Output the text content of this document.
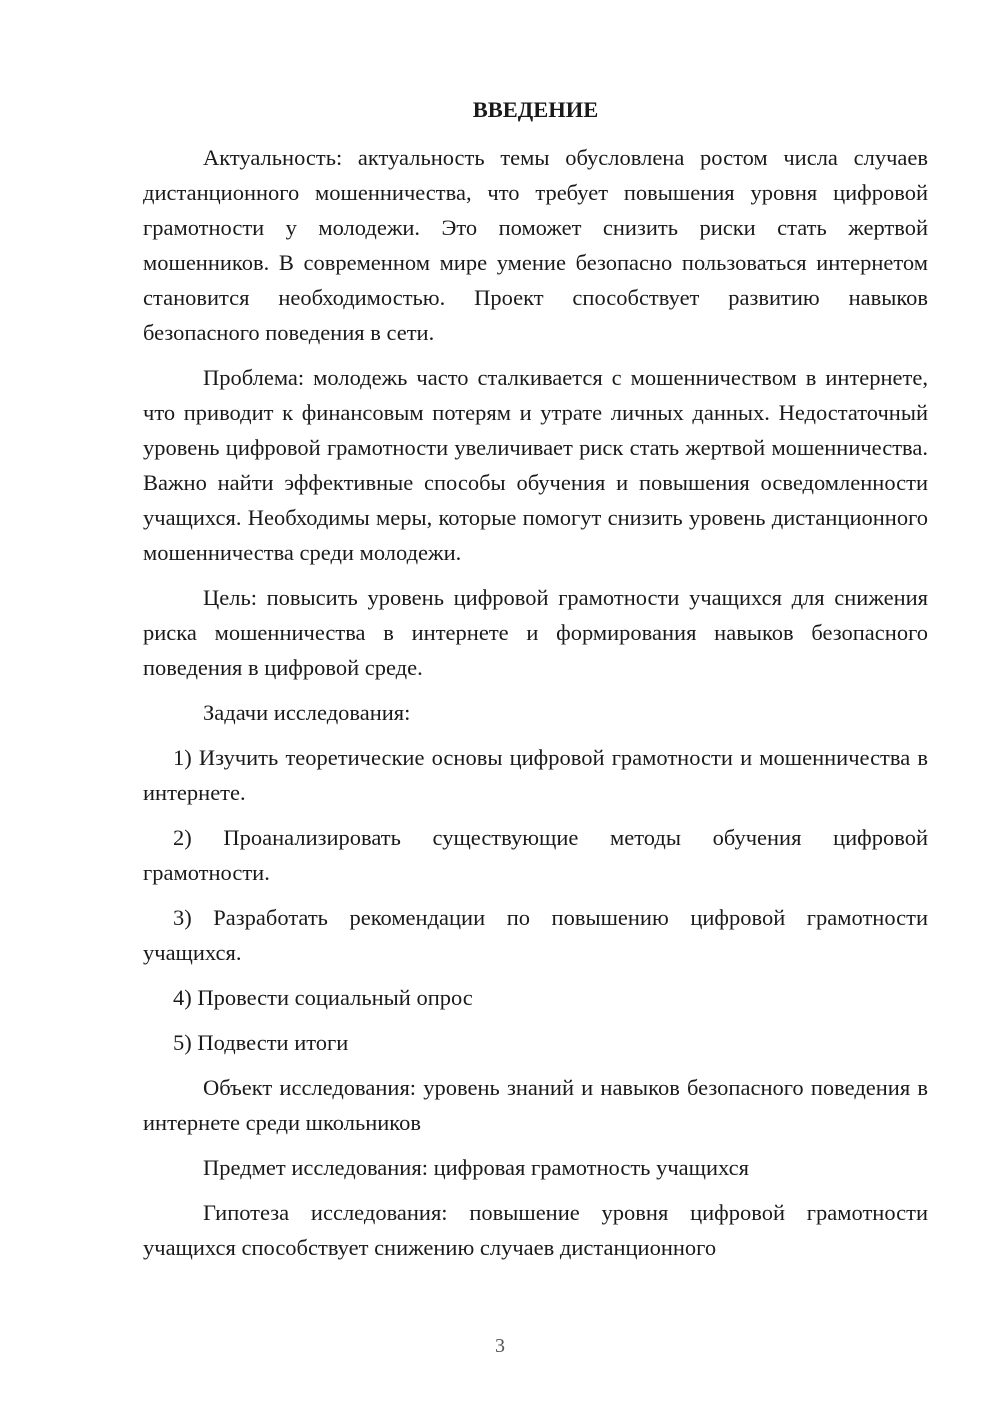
ВВЕДЕНИЕ

Актуальность: актуальность темы обусловлена ростом числа случаев дистанционного мошенничества, что требует повышения уровня цифровой грамотности у молодежи. Это поможет снизить риски стать жертвой мошенников. В современном мире умение безопасно пользоваться интернетом становится необходимостью. Проект способствует развитию навыков безопасного поведения в сети.

Проблема: молодежь часто сталкивается с мошенничеством в интернете, что приводит к финансовым потерям и утрате личных данных. Недостаточный уровень цифровой грамотности увеличивает риск стать жертвой мошенничества. Важно найти эффективные способы обучения и повышения осведомленности учащихся. Необходимы меры, которые помогут снизить уровень дистанционного мошенничества среди молодежи.

Цель: повысить уровень цифровой грамотности учащихся для снижения риска мошенничества в интернете и формирования навыков безопасного поведения в цифровой среде.

Задачи исследования:

1) Изучить теоретические основы цифровой грамотности и мошенничества в интернете.

2) Проанализировать существующие методы обучения цифровой грамотности.

3) Разработать рекомендации по повышению цифровой грамотности учащихся.

4) Провести социальный опрос

5) Подвести итоги

Объект исследования: уровень знаний и навыков безопасного поведения в интернете среди школьников

Предмет исследования: цифровая грамотность учащихся

Гипотеза исследования: повышение уровня цифровой грамотности учащихся способствует снижению случаев дистанционного

3
